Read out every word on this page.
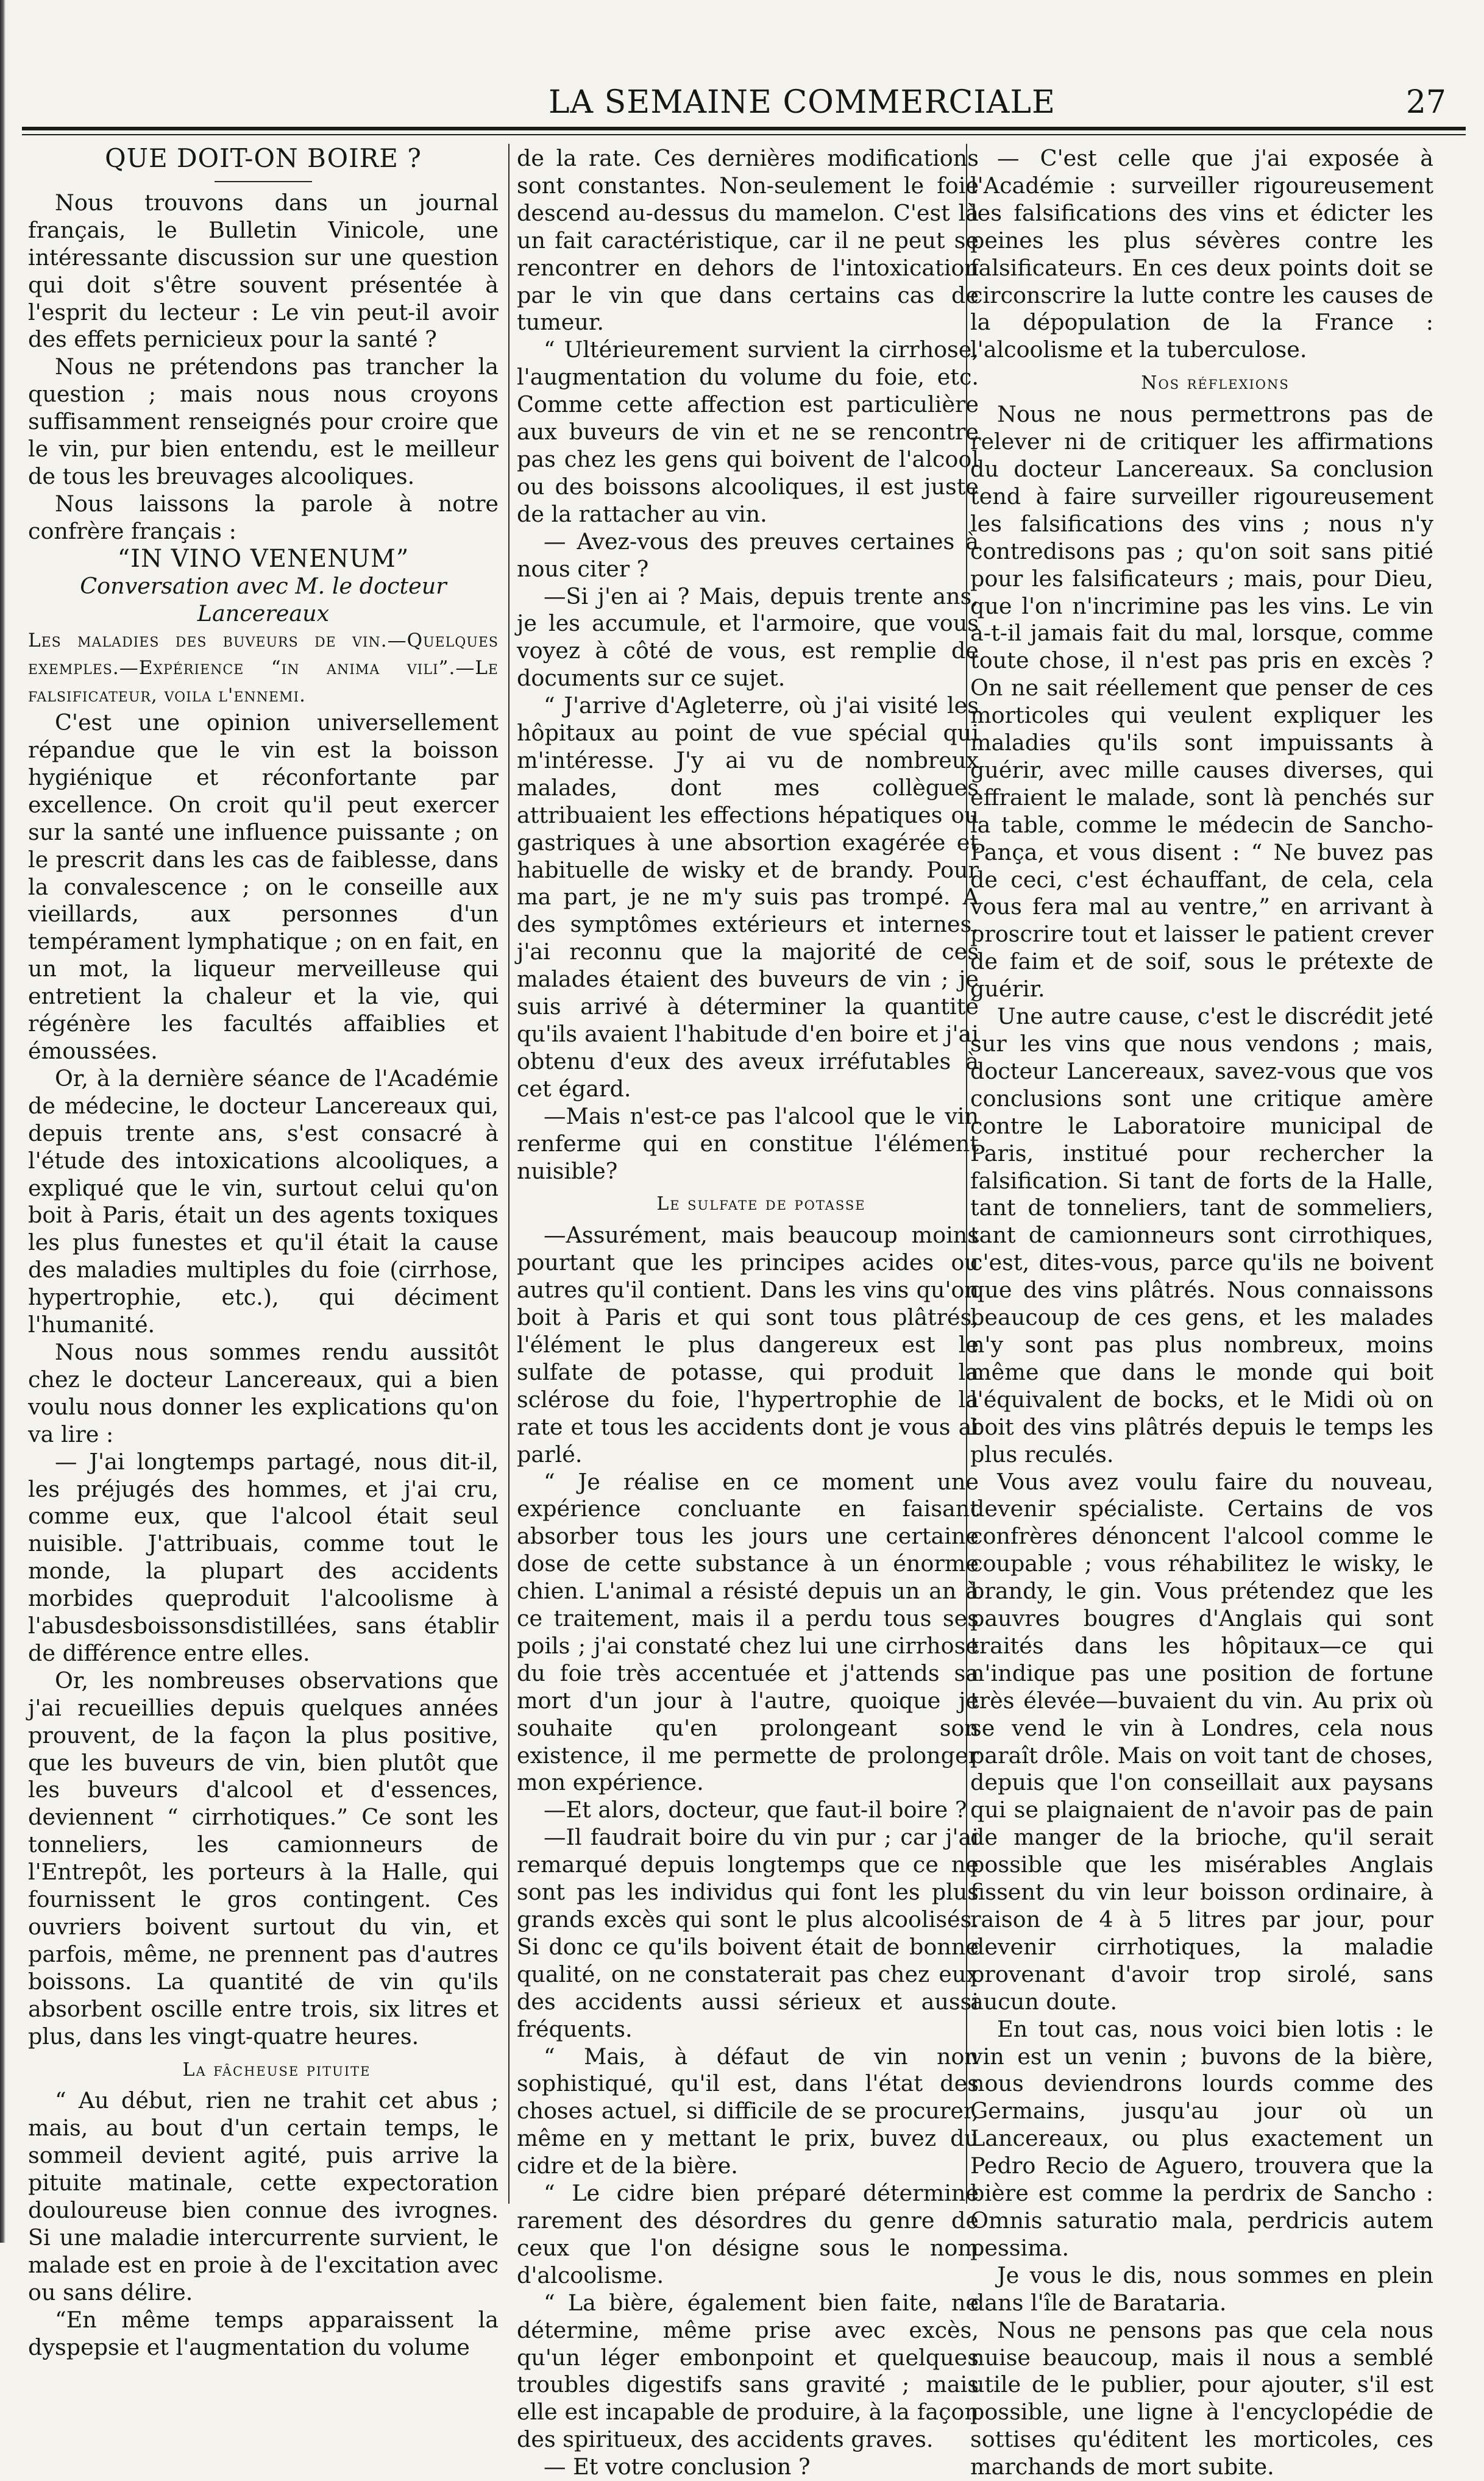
LA SEMAINE COMMERCIALE	27

QUE DOIT-ON BOIRE ?

Nous trouvons dans un journal français, le Bulletin Vinicole, une intéressante discussion sur une question qui doit s'être souvent présentée à l'esprit du lecteur : Le vin peut-il avoir des effets pernicieux pour la santé ?

Nous ne prétendons pas trancher la question ; mais nous nous croyons suffisamment renseignés pour croire que le vin, pur bien entendu, est le meilleur de tous les breuvages alcooliques.

Nous laissons la parole à notre confrère français :

“IN VINO VENENUM”

Conversation avec M. le docteur

Lancereaux

Les maladies des buveurs de vin.—Quelques exemples.—Expérience “in anima vili”.—Le falsificateur, voila l'ennemi.

C'est une opinion universellement répandue que le vin est la boisson hygiénique et réconfortante par excellence. On croit qu'il peut exercer sur la santé une influence puissante ; on le prescrit dans les cas de faiblesse, dans la convalescence ; on le conseille aux vieillards, aux personnes d'un tempérament lymphatique ; on en fait, en un mot, la liqueur merveilleuse qui entretient la chaleur et la vie, qui régénère les facultés affaiblies et émoussées.

Or, à la dernière séance de l'Académie de médecine, le docteur Lancereaux qui, depuis trente ans, s'est consacré à l'étude des intoxications alcooliques, a expliqué que le vin, surtout celui qu'on boit à Paris, était un des agents toxiques les plus funestes et qu'il était la cause des maladies multiples du foie (cirrhose, hypertrophie, etc.), qui déciment l'humanité.

Nous nous sommes rendu aussitôt chez le docteur Lancereaux, qui a bien voulu nous donner les explications qu'on va lire :

— J'ai longtemps partagé, nous dit-il, les préjugés des hommes, et j'ai cru, comme eux, que l'alcool était seul nuisible. J'attribuais, comme tout le monde, la plupart des accidents morbides queproduit l'alcoolisme à l'abusdesboissonsdistillées, sans établir de différence entre elles.

Or, les nombreuses observations que j'ai recueillies depuis quelques années prouvent, de la façon la plus positive, que les buveurs de vin, bien plutôt que les buveurs d'alcool et d'essences, deviennent “ cirrhotiques.” Ce sont les tonneliers, les camionneurs de l'Entrepôt, les porteurs à la Halle, qui fournissent le gros contingent. Ces ouvriers boivent surtout du vin, et parfois, même, ne prennent pas d'autres boissons. La quantité de vin qu'ils absorbent oscille entre trois, six litres et plus, dans les vingt-quatre heures.

La fâcheuse pituite

“ Au début, rien ne trahit cet abus ; mais, au bout d'un certain temps, le sommeil devient agité, puis arrive la pituite matinale, cette expectoration douloureuse bien connue des ivrognes. Si une maladie intercurrente survient, le malade est en proie à de l'excitation avec ou sans délire.

“En même temps apparaissent la dyspepsie et l'augmentation du volume

de la rate. Ces dernières modifications sont constantes. Non-seulement le foie descend au-dessus du mamelon. C'est là un fait caractéristique, car il ne peut se rencontrer en dehors de l'intoxication par le vin que dans certains cas de tumeur.

“ Ultérieurement survient la cirrhose, l'augmentation du volume du foie, etc. Comme cette affection est particulière aux buveurs de vin et ne se rencontre pas chez les gens qui boivent de l'alcool ou des boissons alcooliques, il est juste de la rattacher au vin.

— Avez-vous des preuves certaines à nous citer ?

—Si j'en ai ? Mais, depuis trente ans, je les accumule, et l'armoire, que vous voyez à côté de vous, est remplie de documents sur ce sujet.

“ J'arrive d'Agleterre, où j'ai visité les hôpitaux au point de vue spécial qui m'intéresse. J'y ai vu de nombreux malades, dont mes collègues attribuaient les effections hépatiques ou gastriques à une absortion exagérée et habituelle de wisky et de brandy. Pour ma part, je ne m'y suis pas trompé. A des symptômes extérieurs et internes, j'ai reconnu que la majorité de ces malades étaient des buveurs de vin ; je suis arrivé à déterminer la quantité qu'ils avaient l'habitude d'en boire et j'ai obtenu d'eux des aveux irréfutables à cet égard.

—Mais n'est-ce pas l'alcool que le vin renferme qui en constitue l'élément nuisible?

Le sulfate de potasse

—Assurément, mais beaucoup moins pourtant que les principes acides ou autres qu'il contient. Dans les vins qu'on boit à Paris et qui sont tous plâtrés, l'élément le plus dangereux est le sulfate de potasse, qui produit la sclérose du foie, l'hypertrophie de la rate et tous les accidents dont je vous ai parlé.

“ Je réalise en ce moment une expérience concluante en faisant absorber tous les jours une certaine dose de cette substance à un énorme chien. L'animal a résisté depuis un an à ce traitement, mais il a perdu tous ses poils ; j'ai constaté chez lui une cirrhose du foie très accentuée et j'attends sa mort d'un jour à l'autre, quoique je souhaite qu'en prolongeant son existence, il me permette de prolonger mon expérience.

—Et alors, docteur, que faut-il boire ?

—Il faudrait boire du vin pur ; car j'ai remarqué depuis longtemps que ce ne sont pas les individus qui font les plus grands excès qui sont le plus alcoolisés. Si donc ce qu'ils boivent était de bonne qualité, on ne constaterait pas chez eux des accidents aussi sérieux et aussi fréquents.

“ Mais, à défaut de vin non sophistiqué, qu'il est, dans l'état des choses actuel, si difficile de se procurer, même en y mettant le prix, buvez du cidre et de la bière.

“ Le cidre bien préparé détermine rarement des désordres du genre de ceux que l'on désigne sous le nom d'alcoolisme.

“ La bière, également bien faite, ne détermine, même prise avec excès, qu'un léger embonpoint et quelques troubles digestifs sans gravité ; mais elle est incapable de produire, à la façon des spiritueux, des accidents graves.

— Et votre conclusion ?

— C'est celle que j'ai exposée à l'Académie : surveiller rigoureusement les falsifications des vins et édicter les peines les plus sévères contre les falsificateurs. En ces deux points doit se circonscrire la lutte contre les causes de la dépopulation de la France : l'alcoolisme et la tuberculose.

Nos réflexions

Nous ne nous permettrons pas de relever ni de critiquer les affirmations du docteur Lancereaux. Sa conclusion tend à faire surveiller rigoureusement les falsifications des vins ; nous n'y contredisons pas ; qu'on soit sans pitié pour les falsificateurs ; mais, pour Dieu, que l'on n'incrimine pas les vins. Le vin a-t-il jamais fait du mal, lorsque, comme toute chose, il n'est pas pris en excès ? On ne sait réellement que penser de ces morticoles qui veulent expliquer les maladies qu'ils sont impuissants à guérir, avec mille causes diverses, qui effraient le malade, sont là penchés sur la table, comme le médecin de Sancho-Pança, et vous disent : “ Ne buvez pas de ceci, c'est échauffant, de cela, cela vous fera mal au ventre,” en arrivant à proscrire tout et laisser le patient crever de faim et de soif, sous le prétexte de guérir.

Une autre cause, c'est le discrédit jeté sur les vins que nous vendons ; mais, docteur Lancereaux, savez-vous que vos conclusions sont une critique amère contre le Laboratoire municipal de Paris, institué pour rechercher la falsification. Si tant de forts de la Halle, tant de tonneliers, tant de sommeliers, tant de camionneurs sont cirrothiques, c'est, dites-vous, parce qu'ils ne boivent que des vins plâtrés. Nous connaissons beaucoup de ces gens, et les malades n'y sont pas plus nombreux, moins même que dans le monde qui boit l'équivalent de bocks, et le Midi où on boit des vins plâtrés depuis le temps les plus reculés.

Vous avez voulu faire du nouveau, devenir spécialiste. Certains de vos confrères dénoncent l'alcool comme le coupable ; vous réhabilitez le wisky, le brandy, le gin. Vous prétendez que les pauvres bougres d'Anglais qui sont traités dans les hôpitaux—ce qui n'indique pas une position de fortune très élevée—buvaient du vin. Au prix où se vend le vin à Londres, cela nous paraît drôle. Mais on voit tant de choses, depuis que l'on conseillait aux paysans qui se plaignaient de n'avoir pas de pain de manger de la brioche, qu'il serait possible que les misérables Anglais fissent du vin leur boisson ordinaire, à raison de 4 à 5 litres par jour, pour devenir cirrhotiques, la maladie provenant d'avoir trop sirolé, sans aucun doute.

En tout cas, nous voici bien lotis : le vin est un venin ; buvons de la bière, nous deviendrons lourds comme des Germains, jusqu'au jour où un Lancereaux, ou plus exactement un Pedro Recio de Aguero, trouvera que la bière est comme la perdrix de Sancho : Omnis saturatio mala, perdricis autem pessima.

Je vous le dis, nous sommes en plein dans l'île de Barataria.

Nous ne pensons pas que cela nous nuise beaucoup, mais il nous a semblé utile de le publier, pour ajouter, s'il est possible, une ligne à l'encyclopédie de sottises qu'éditent les morticoles, ces marchands de mort subite.
